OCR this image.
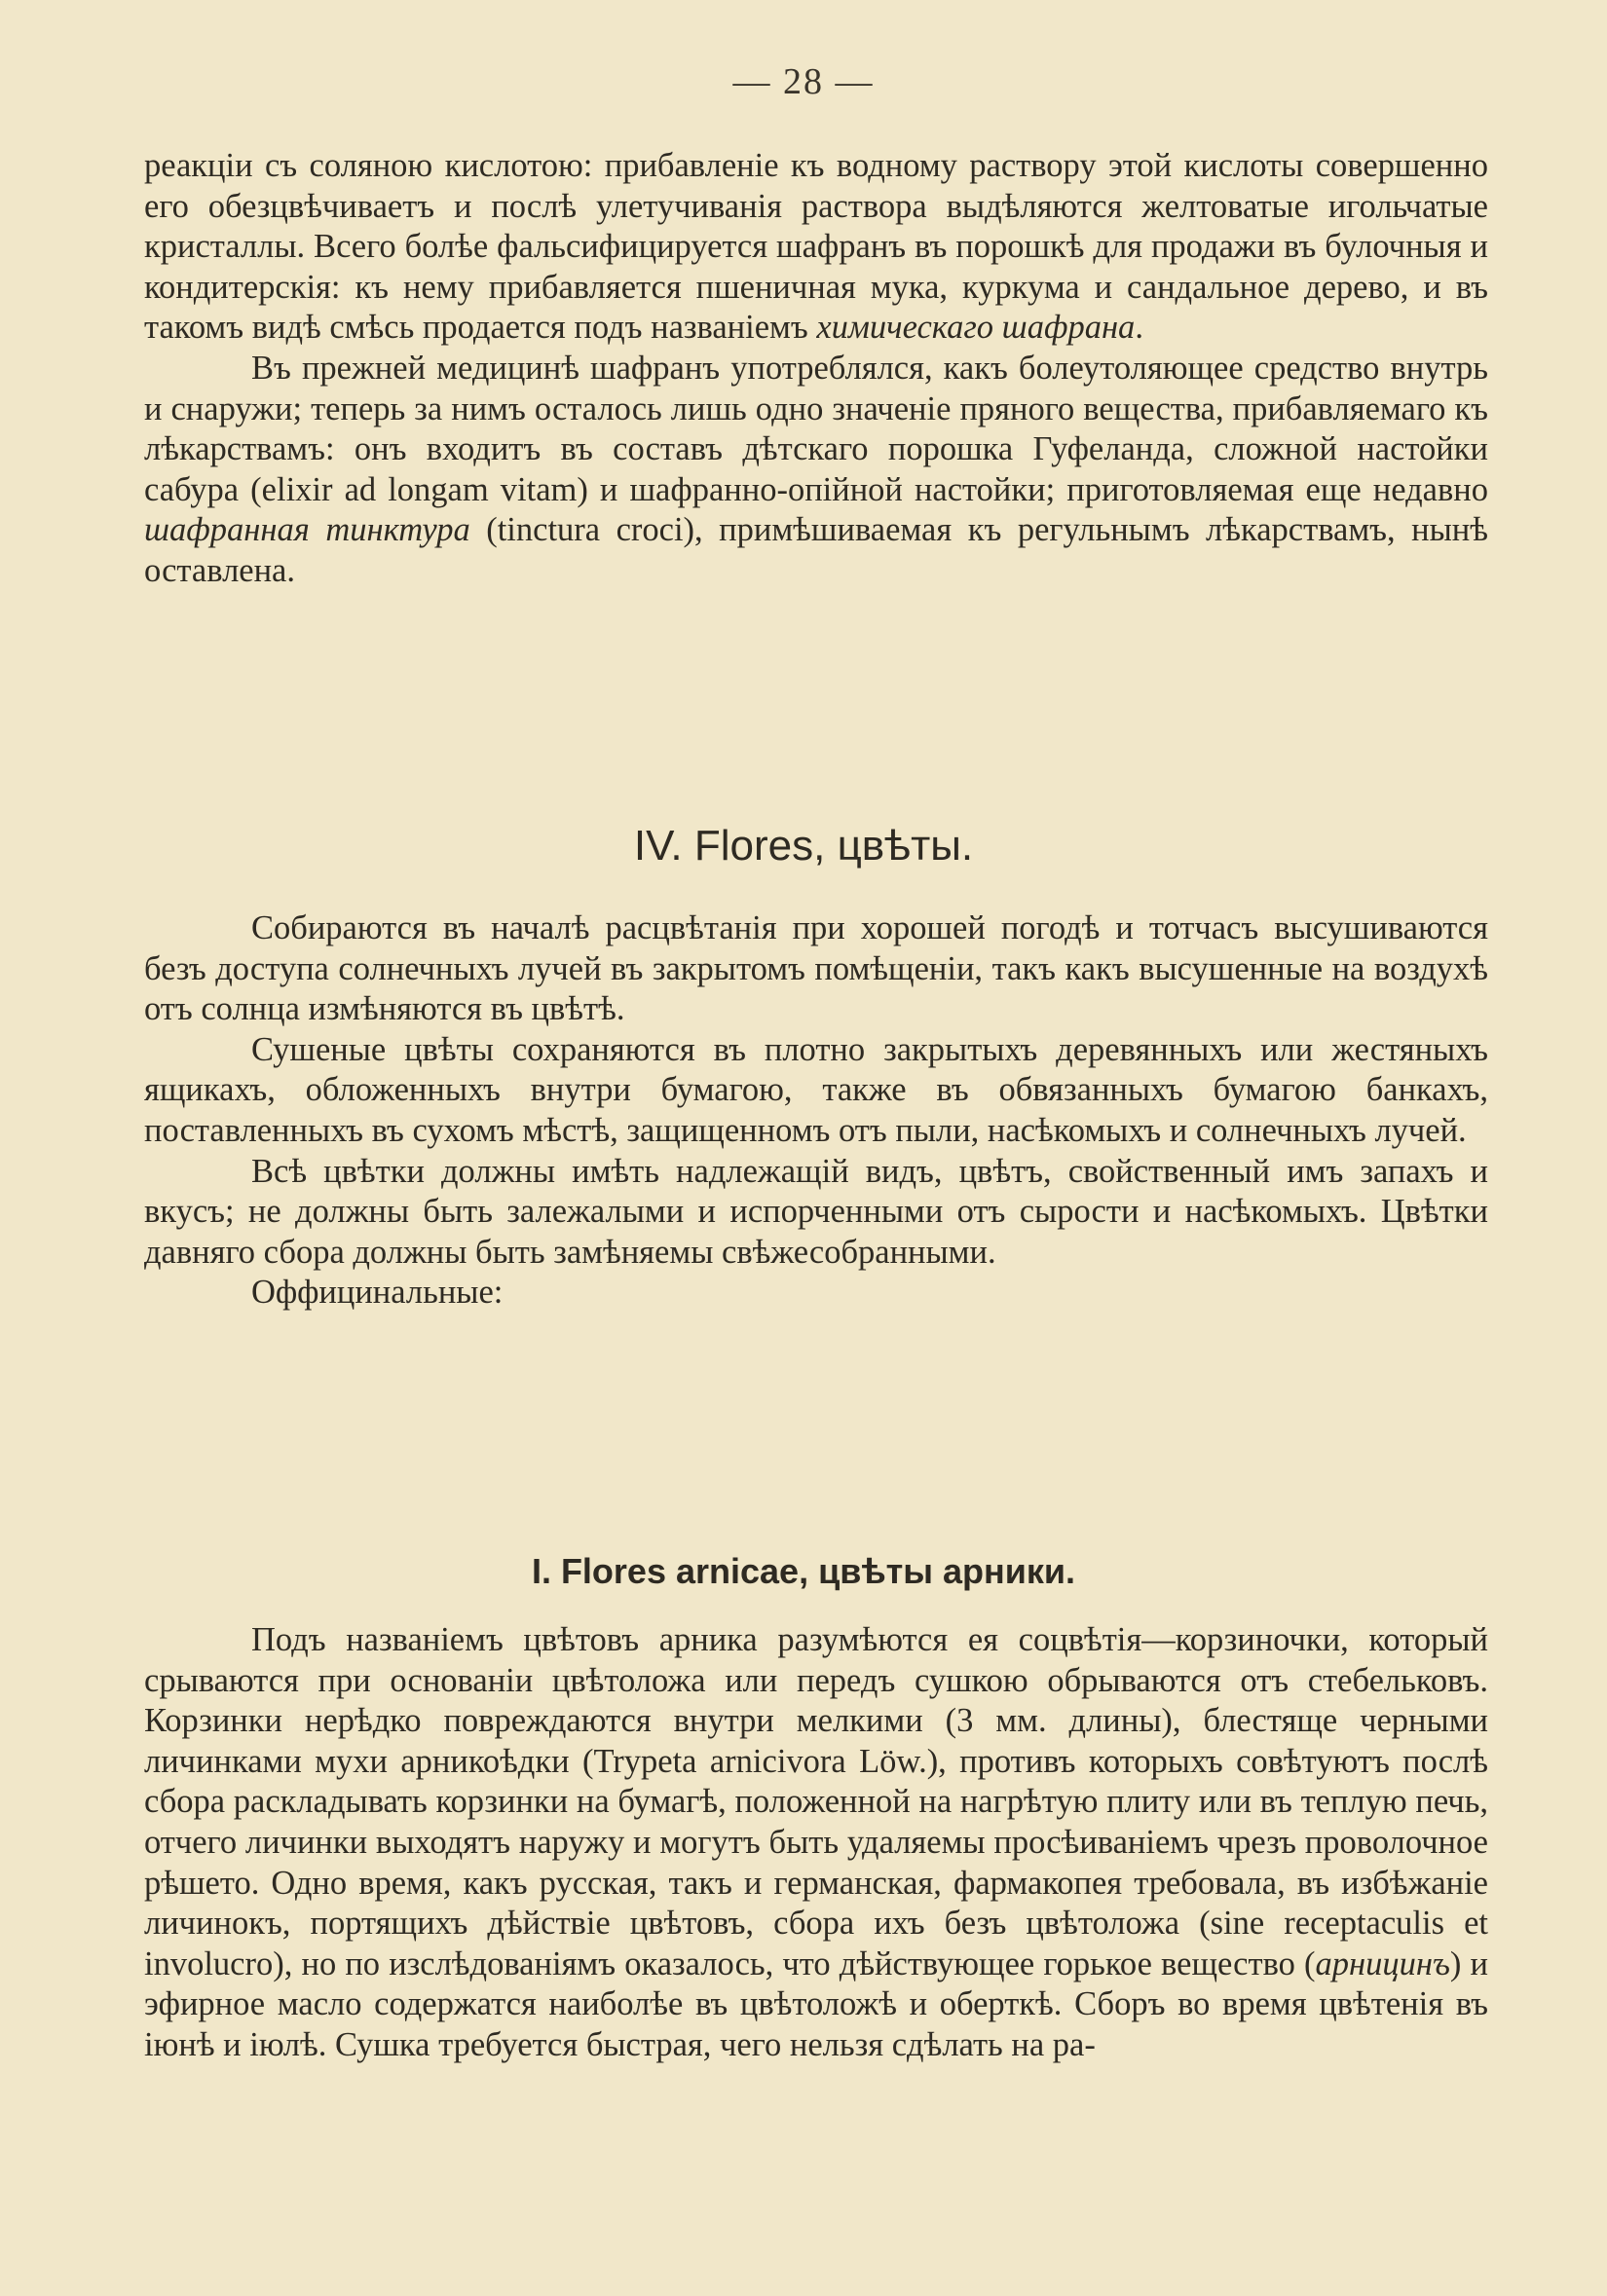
— 28 —

реакціи съ соляною кислотою: прибавленіе къ водному раствору этой кислоты совершенно его обезцвѣчиваетъ и послѣ улетучиванія раствора выдѣляются желтоватые игольчатые кристаллы. Всего болѣе фальсифицируется шафранъ въ порошкѣ для продажи въ булочныя и кондитерскія: къ нему прибавляется пшеничная мука, куркума и сандальное дерево, и въ такомъ видѣ смѣсь продается подъ названіемъ химическаго шафрана.

Въ прежней медицинѣ шафранъ употреблялся, какъ болеутоляющее средство внутрь и снаружи; теперь за нимъ осталось лишь одно значеніе пряного вещества, прибавляемаго къ лѣкарствамъ: онъ входитъ въ составъ дѣтскаго порошка Гуфеланда, сложной настойки сабура (elixir ad longam vitam) и шафранно-опійной настойки; приготовляемая еще недавно шафранная тинктура (tinctura croci), примѣшиваемая къ регульнымъ лѣкарствамъ, нынѣ оставлена.

IV. Flores, цвѣты.

Собираются въ началѣ расцвѣтанія при хорошей погодѣ и тотчасъ высушиваются безъ доступа солнечныхъ лучей въ закрытомъ помѣщеніи, такъ какъ высушенные на воздухѣ отъ солнца измѣняются въ цвѣтѣ.

Сушеные цвѣты сохраняются въ плотно закрытыхъ деревянныхъ или жестяныхъ ящикахъ, обложенныхъ внутри бумагою, также въ обвязанныхъ бумагою банкахъ, поставленныхъ въ сухомъ мѣстѣ, защищенномъ отъ пыли, насѣкомыхъ и солнечныхъ лучей.

Всѣ цвѣтки должны имѣть надлежащій видъ, цвѣтъ, свойственный имъ запахъ и вкусъ; не должны быть залежалыми и испорченными отъ сырости и насѣкомыхъ. Цвѣтки давняго сбора должны быть замѣняемы свѣжесобранными.

Оффицинальные:

I. Flores arnicae, цвѣты арники.

Подъ названіемъ цвѣтовъ арника разумѣются ея соцвѣтія—корзиночки, который срываются при основаніи цвѣтоложа или передъ сушкою обрываются отъ стебельковъ. Корзинки нерѣдко повреждаются внутри мелкими (3 мм. длины), блестяще черными личинками мухи арникоѣдки (Trypeta arnicivora Löw.), противъ которыхъ совѣтуютъ послѣ сбора раскладывать корзинки на бумагѣ, положенной на нагрѣтую плиту или въ теплую печь, отчего личинки выходятъ наружу и могутъ быть удаляемы просѣиваніемъ чрезъ проволочное рѣшето. Одно время, какъ русская, такъ и германская, фармакопея требовала, въ избѣжаніе личинокъ, портящихъ дѣйствіе цвѣтовъ, сбора ихъ безъ цвѣтоложа (sine receptaculis et involucro), но по изслѣдованіямъ оказалось, что дѣйствующее горькое вещество (арницинъ) и эфирное масло содержатся наиболѣе въ цвѣтоложѣ и оберткѣ. Сборъ во время цвѣтенія въ іюнѣ и іюлѣ. Сушка требуется быстрая, чего нельзя сдѣлать на ра-
